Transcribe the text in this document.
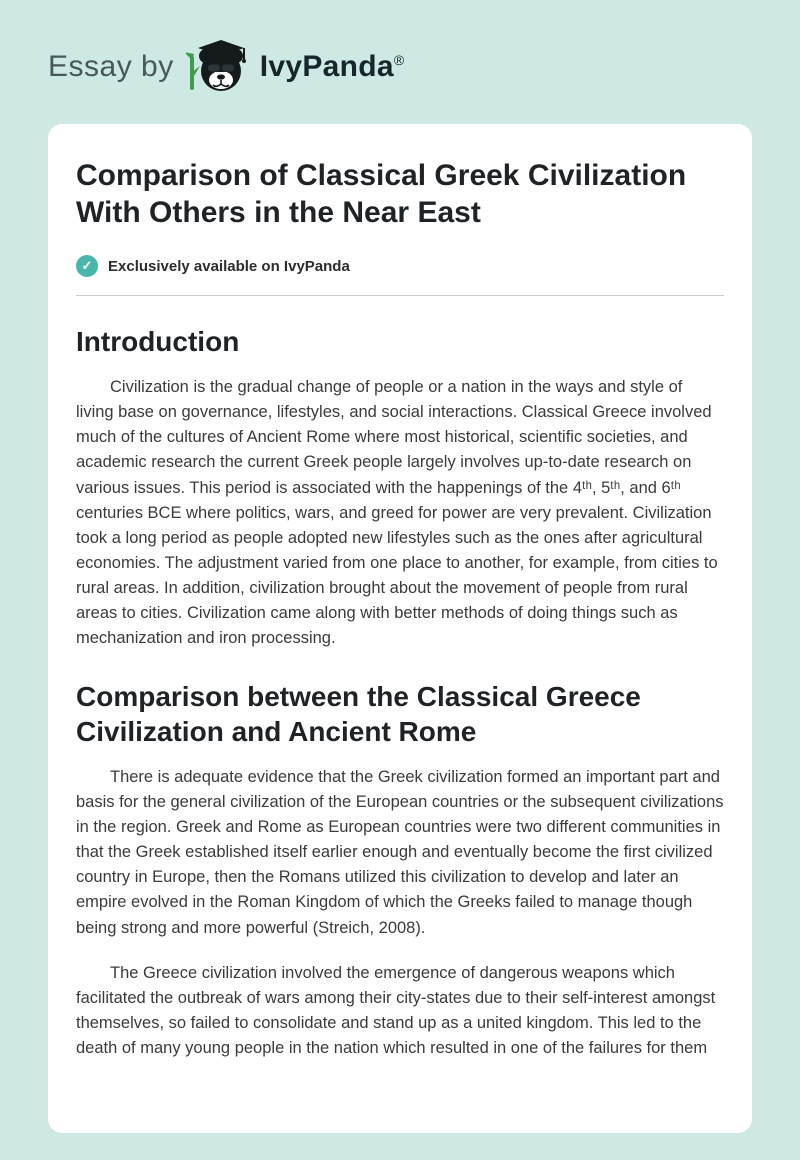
Essay by	IvyPanda®
Comparison of Classical Greek Civilization With Others in the Near East
✓	Exclusively available on IvyPanda
Introduction

Civilization is the gradual change of people or a nation in the ways and style of living base on governance, lifestyles, and social interactions. Classical Greece involved much of the cultures of Ancient Rome where most historical, scientific societies, and academic research the current Greek people largely involves up-to-date research on various issues. This period is associated with the happenings of the 4ᵗʰ, 5ᵗʰ, and 6ᵗʰ centuries BCE where politics, wars, and greed for power are very prevalent. Civilization took a long period as people adopted new lifestyles such as the ones after agricultural economies. The adjustment varied from one place to another, for example, from cities to rural areas. In addition, civilization brought about the movement of people from rural areas to cities. Civilization came along with better methods of doing things such as mechanization and iron processing.

Comparison between the Classical Greece Civilization and Ancient Rome

There is adequate evidence that the Greek civilization formed an important part and basis for the general civilization of the European countries or the subsequent civilizations in the region. Greek and Rome as European countries were two different communities in that the Greek established itself earlier enough and eventually become the first civilized country in Europe, then the Romans utilized this civilization to develop and later an empire evolved in the Roman Kingdom of which the Greeks failed to manage though being strong and more powerful (Streich, 2008).

The Greece civilization involved the emergence of dangerous weapons which facilitated the outbreak of wars among their city-states due to their self-interest amongst themselves, so failed to consolidate and stand up as a united kingdom. This led to the death of many young people in the nation which resulted in one of the failures for them
